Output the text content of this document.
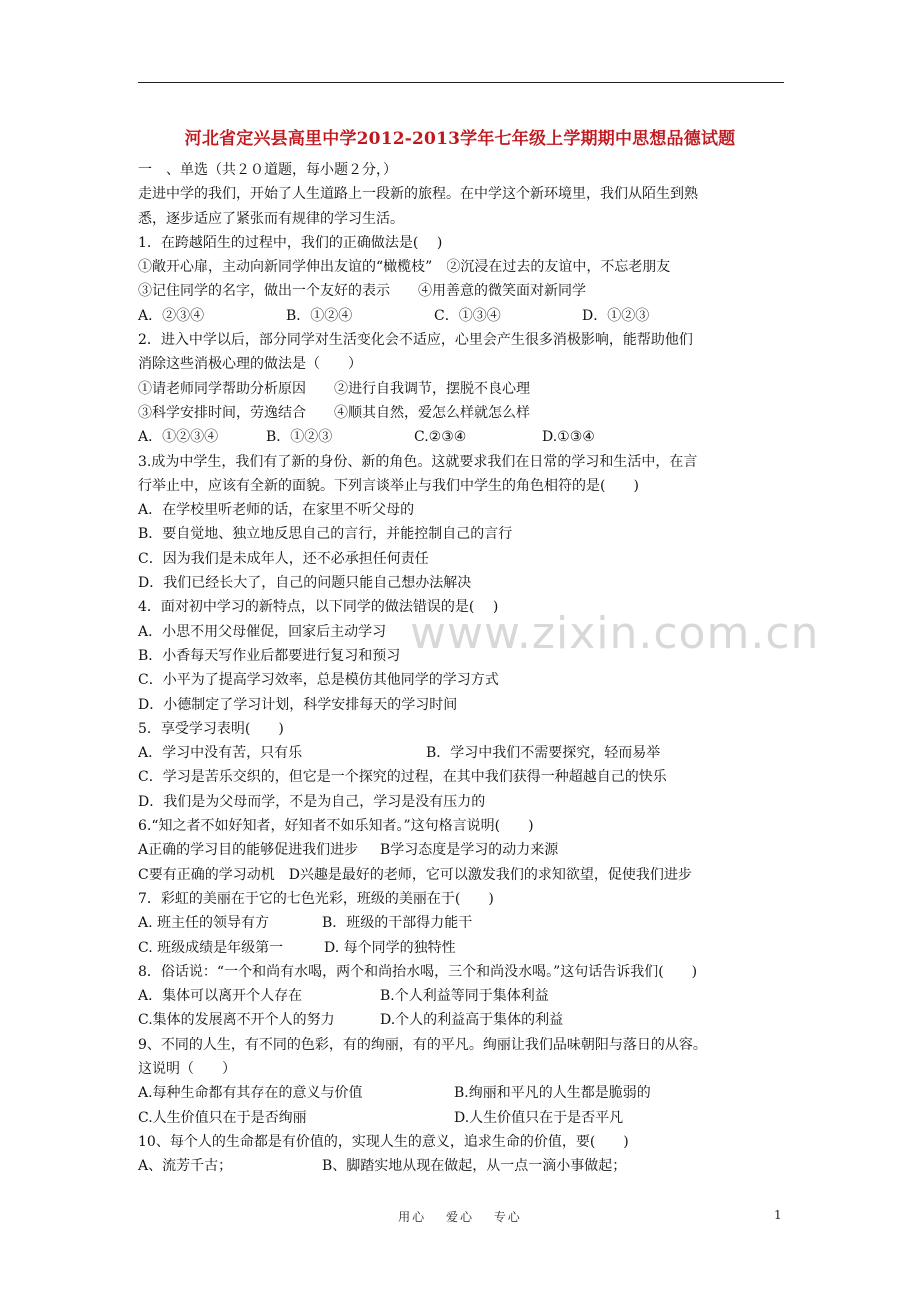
河北省定兴县高里中学2012-2013学年七年级上学期期中思想品德试题
www.zixin.com.cn
一　、单选（共２０道题，每小题２分，）
走进中学的我们，开始了人生道路上一段新的旅程。在中学这个新环境里，我们从陌生到熟
悉，逐步适应了紧张而有规律的学习生活。
1．在跨越陌生的过程中，我们的正确做法是(　 )
①敞开心扉，主动向新同学伸出友谊的“橄榄枝”　②沉浸在过去的友谊中，不忘老朋友
③记住同学的名字，做出一个友好的表示　　④用善意的微笑面对新同学
A．②③④	B．①②④	C．①③④	D．①②③
2．进入中学以后，部分同学对生活变化会不适应，心里会产生很多消极影响，能帮助他们
消除这些消极心理的做法是（　　）
①请老师同学帮助分析原因　　②进行自我调节，摆脱不良心理
③科学安排时间，劳逸结合　　④顺其自然，爱怎么样就怎么样
A．①②③④	B．①②③	C.②③④	D.①③④
3.成为中学生，我们有了新的身份、新的角色。这就要求我们在日常的学习和生活中，在言
行举止中，应该有全新的面貌。下列言谈举止与我们中学生的角色相符的是(　　)
A．在学校里听老师的话，在家里不听父母的
B．要自觉地、独立地反思自己的言行，并能控制自己的言行
C．因为我们是未成年人，还不必承担任何责任
D．我们已经长大了，自己的问题只能自己想办法解决
4．面对初中学习的新特点，以下同学的做法错误的是(　 )
A．小思不用父母催促，回家后主动学习
B．小香每天写作业后都要进行复习和预习
C．小平为了提高学习效率，总是模仿其他同学的学习方式
D．小德制定了学习计划，科学安排每天的学习时间
5．享受学习表明(　　)
A．学习中没有苦，只有乐	B．学习中我们不需要探究，轻而易举
C．学习是苦乐交织的，但它是一个探究的过程，在其中我们获得一种超越自己的快乐
D．我们是为父母而学，不是为自己，学习是没有压力的
6.“知之者不如好知者，好知者不如乐知者。”这句格言说明(　　)
A正确的学习目的能够促进我们进步 B学习态度是学习的动力来源
C要有正确的学习动机　D兴趣是最好的老师，它可以激发我们的求知欲望，促使我们进步
7．彩虹的美丽在于它的七色光彩，班级的美丽在于(　　)
A. 班主任的领导有方	B．班级的干部得力能干
C. 班级成绩是年级第一	D. 每个同学的独特性
8．俗话说：“一个和尚有水喝，两个和尚抬水喝，三个和尚没水喝。”这句话告诉我们(　　)
A．集体可以离开个人存在	B.个人利益等同于集体利益
C.集体的发展离不开个人的努力	D.个人的利益高于集体的利益
9、不同的人生，有不同的色彩，有的绚丽，有的平凡。绚丽让我们品味朝阳与落日的从容。
这说明（　　）
A.每种生命都有其存在的意义与价值	B.绚丽和平凡的人生都是脆弱的
C.人生价值只在于是否绚丽	D.人生价值只在于是否平凡
10、每个人的生命都是有价值的，实现人生的意义，追求生命的价值，要(　　)
A、流芳千古；	B、脚踏实地从现在做起，从一点一滴小事做起；
用心　 爱心　 专心	1
